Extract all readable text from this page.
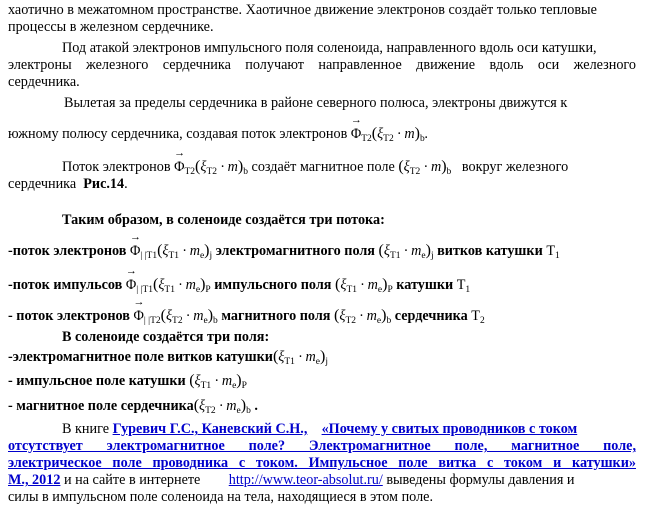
хаотично в межатомном пространстве. Хаотичное движение электронов создаёт только тепловые
процессы в железном сердечнике.
Под атакой электронов импульсного поля соленоида, направленного вдоль оси катушки,
электроны железного сердечника получают направленное движение вдоль оси железного
сердечника.
Вылетая за пределы сердечника в районе северного полюса, электроны движутся к
южному полюсу сердечника, создавая поток электронов
→
$\Phi_{Т2}(\xi_{Т2} \cdot m)_b$.
Поток электронов
→
$\Phi_{Т2}(\xi_{Т2} \cdot m)_b$ создаёт магнитное поле $(\xi_{Т2} \cdot m)_b$ вокруг железного
сердечника Рис.14.
Таким образом, в соленоиде создаётся три потока:
-поток электронов
→
$\Phi_{| |Т1}(\xi_{Т1} \cdot m_e)_j$ электромагнитного поля $(\xi_{Т1} \cdot m_e)_j$ витков катушки $Т_1$
-поток импульсов
→
$\Phi_{| |Т1}(\xi_{Т1} \cdot m_e)_P$ импульсного поля $(\xi_{Т1} \cdot m_e)_P$ катушки $Т_1$
- поток электронов
→
$\Phi_{| |Т2}(\xi_{Т2} \cdot m_e)_b$ магнитного поля $(\xi_{Т2} \cdot m_e)_b$ сердечника $Т_2$
В соленоиде создаётся три поля:
-электромагнитное поле витков $катушки(\xi_{Т1} \cdot m_e)_j$
- импульсное поле катушки $(\xi_{Т1} \cdot m_e)_P$
- магнитное поле $сердечника(\xi_{Т2} \cdot m_e)_b$ .
В книге Гуревич Г.С., Каневский С.Н., «Почему у свитых проводников с током
отсутствует электромагнитное поле? Электромагнитное поле, магнитное поле,
электрическое поле проводника с током. Импульсное поле витка с током и катушки»
М., 2012 и на сайте в интернете http://www.teor-absolut.ru/ выведены формулы давления и
силы в импульсном поле соленоида на тела, находящиеся в этом поле.
